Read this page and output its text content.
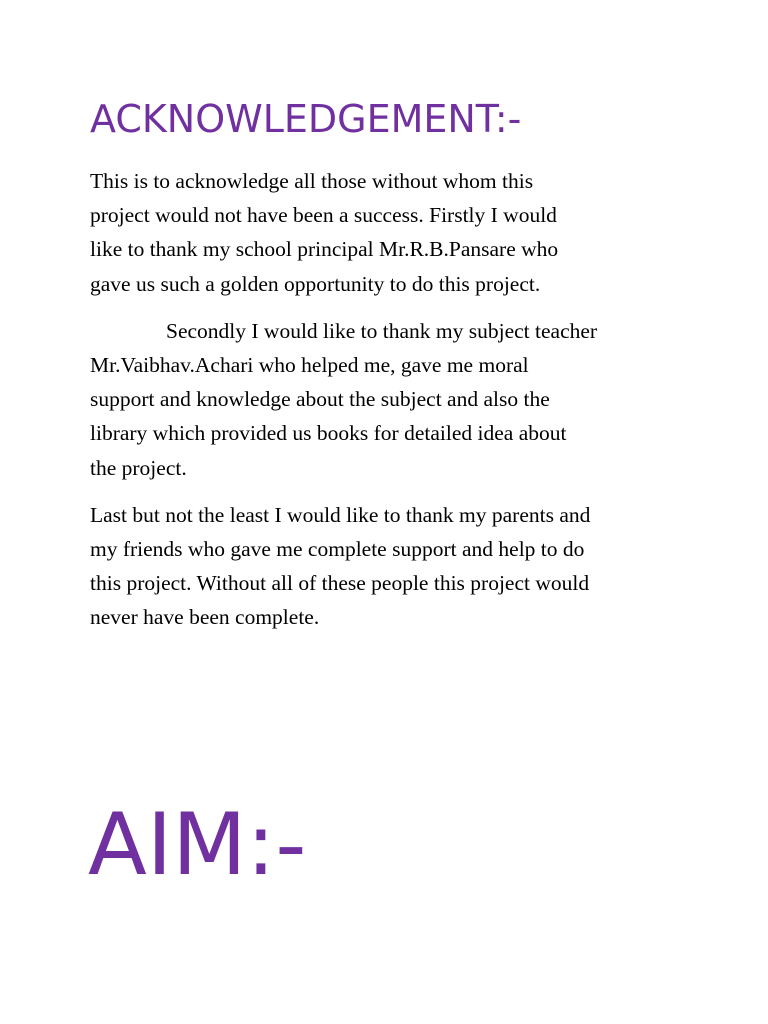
ACKNOWLEDGEMENT:-

This is to acknowledge all those without whom this
project would not have been a success. Firstly I would
like to thank my school principal Mr.R.B.Pansare who
gave us such a golden opportunity to do this project.

Secondly I would like to thank my subject teacher
Mr.Vaibhav.Achari who helped me, gave me moral
support and knowledge about the subject and also the
library which provided us books for detailed idea about
the project.

Last but not the least I would like to thank my parents and
my friends who gave me complete support and help to do
this project. Without all of these people this project would
never have been complete.

AIM:-
